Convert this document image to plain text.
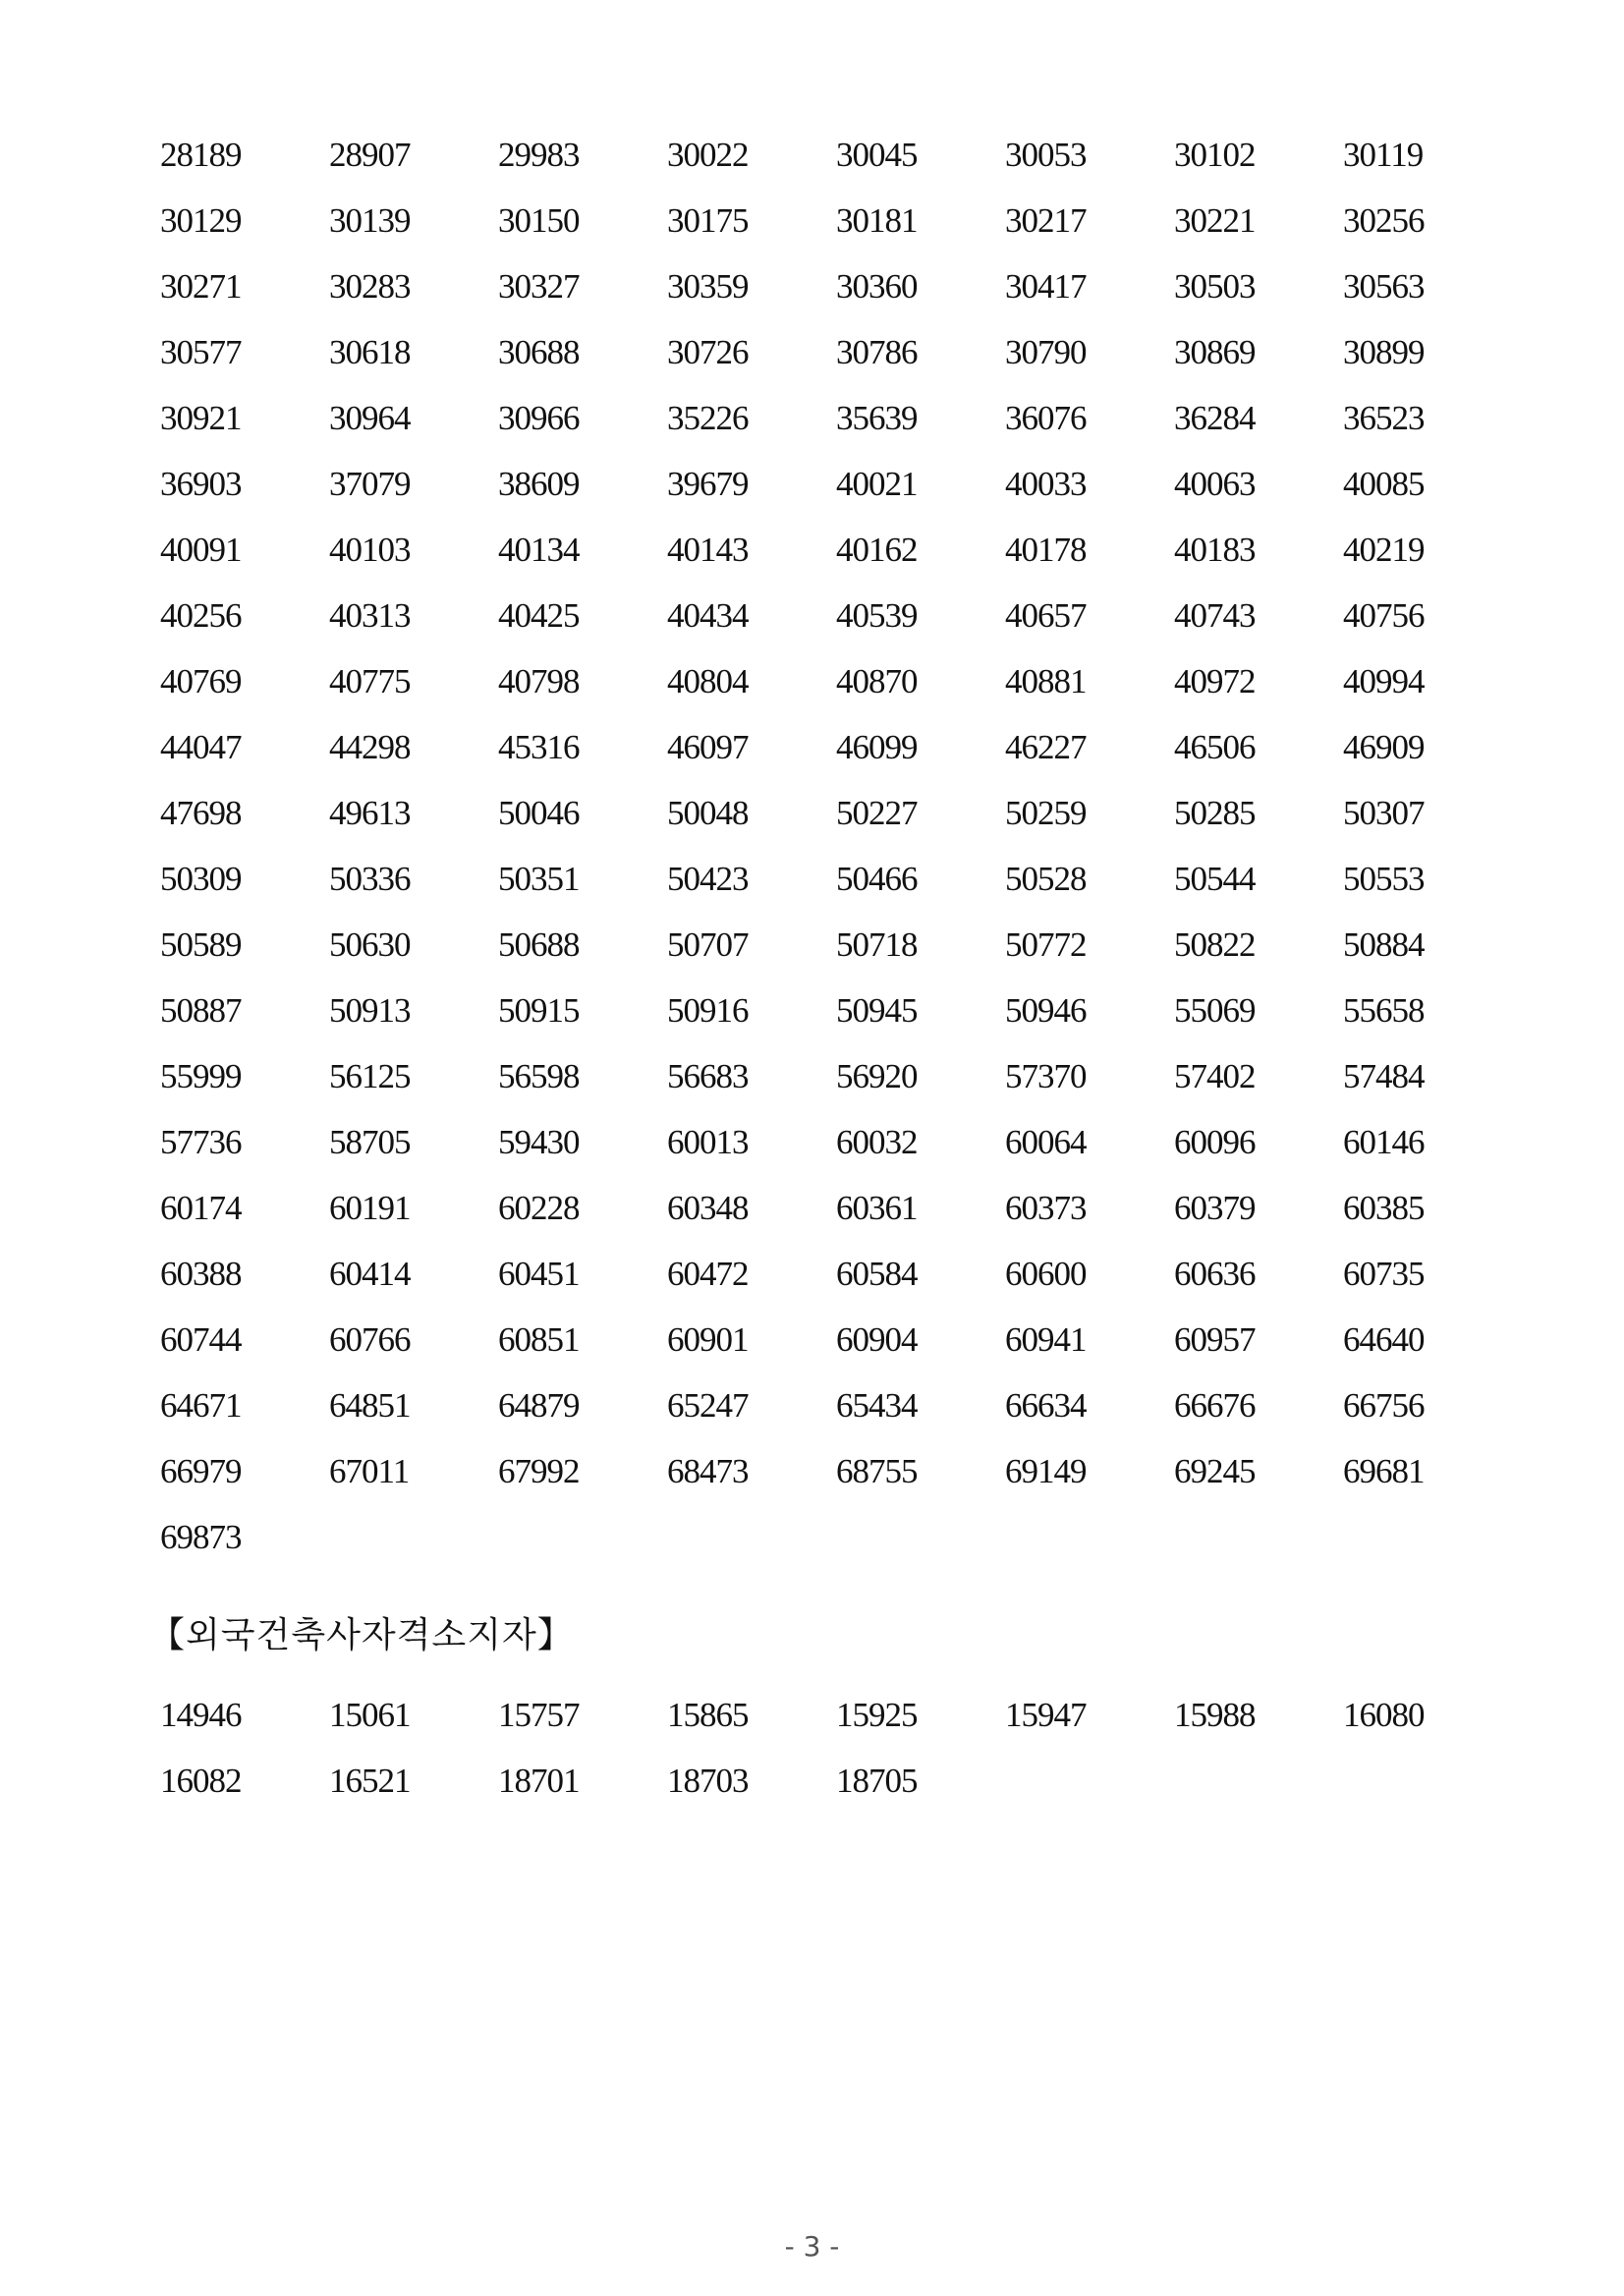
28189	28907	29983	30022	30045	30053	30102	30119
30129	30139	30150	30175	30181	30217	30221	30256
30271	30283	30327	30359	30360	30417	30503	30563
30577	30618	30688	30726	30786	30790	30869	30899
30921	30964	30966	35226	35639	36076	36284	36523
36903	37079	38609	39679	40021	40033	40063	40085
40091	40103	40134	40143	40162	40178	40183	40219
40256	40313	40425	40434	40539	40657	40743	40756
40769	40775	40798	40804	40870	40881	40972	40994
44047	44298	45316	46097	46099	46227	46506	46909
47698	49613	50046	50048	50227	50259	50285	50307
50309	50336	50351	50423	50466	50528	50544	50553
50589	50630	50688	50707	50718	50772	50822	50884
50887	50913	50915	50916	50945	50946	55069	55658
55999	56125	56598	56683	56920	57370	57402	57484
57736	58705	59430	60013	60032	60064	60096	60146
60174	60191	60228	60348	60361	60373	60379	60385
60388	60414	60451	60472	60584	60600	60636	60735
60744	60766	60851	60901	60904	60941	60957	64640
64671	64851	64879	65247	65434	66634	66676	66756
66979	67011	67992	68473	68755	69149	69245	69681
69873
【외국건축사자격소지자】
14946	15061	15757	15865	15925	15947	15988	16080
16082	16521	18701	18703	18705
- 3 -
